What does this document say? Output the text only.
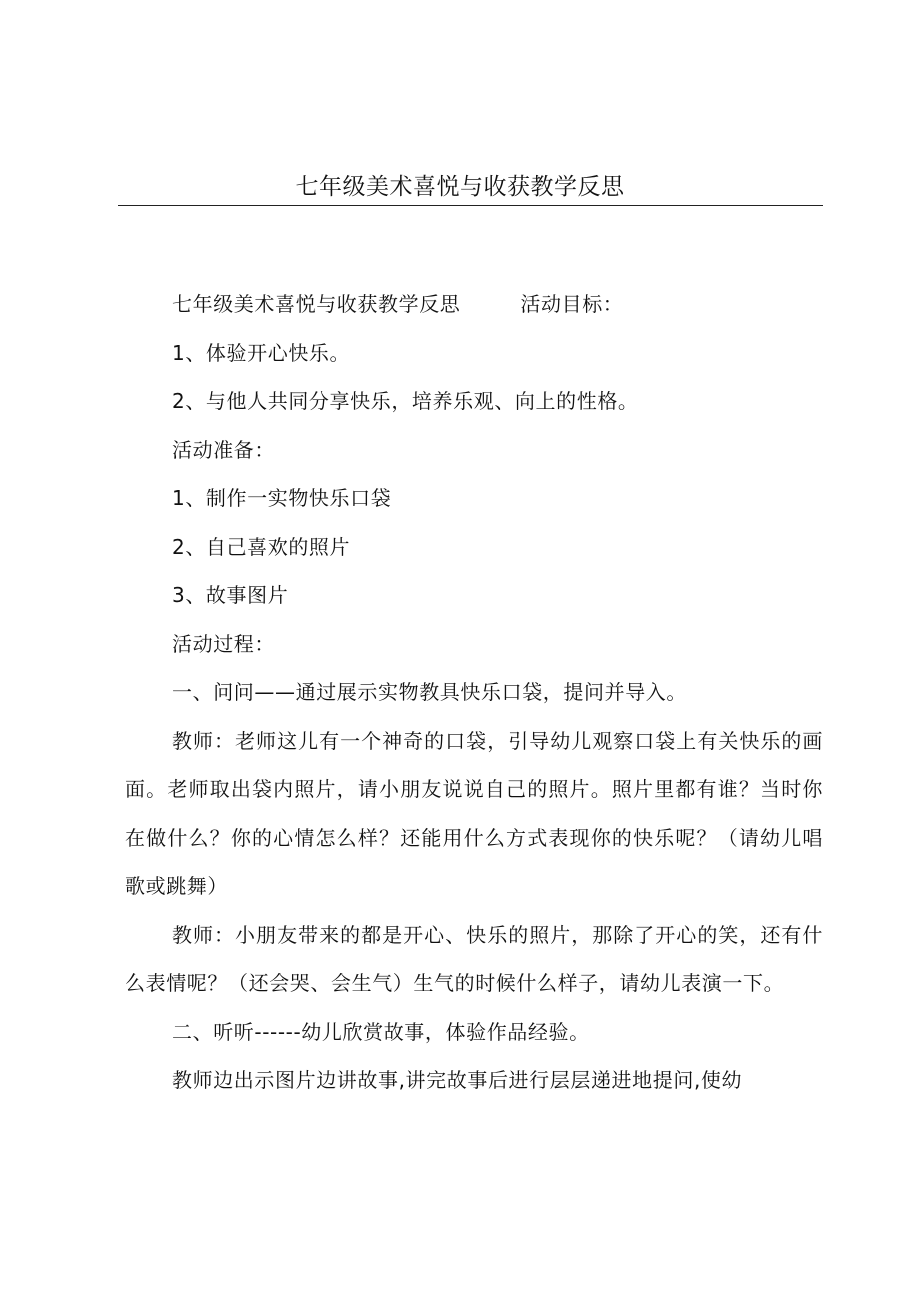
七年级美术喜悦与收获教学反思

七年级美术喜悦与收获教学反思	活动目标：

1、体验开心快乐。

2、与他人共同分享快乐，培养乐观、向上的性格。

活动准备：

1、制作一实物快乐口袋

2、自己喜欢的照片

3、故事图片

活动过程：

一、问问——通过展示实物教具快乐口袋，提问并导入。

教师：老师这儿有一个神奇的口袋，引导幼儿观察口袋上有关快乐的画面。老师取出袋内照片，请小朋友说说自己的照片。照片里都有谁？当时你在做什么？你的心情怎么样？还能用什么方式表现你的快乐呢？（请幼儿唱歌或跳舞）

教师：小朋友带来的都是开心、快乐的照片，那除了开心的笑，还有什么表情呢？（还会哭、会生气）生气的时候什么样子，请幼儿表演一下。

二、听听------幼儿欣赏故事，体验作品经验。

教师边出示图片边讲故事,讲完故事后进行层层递进地提问,使幼
